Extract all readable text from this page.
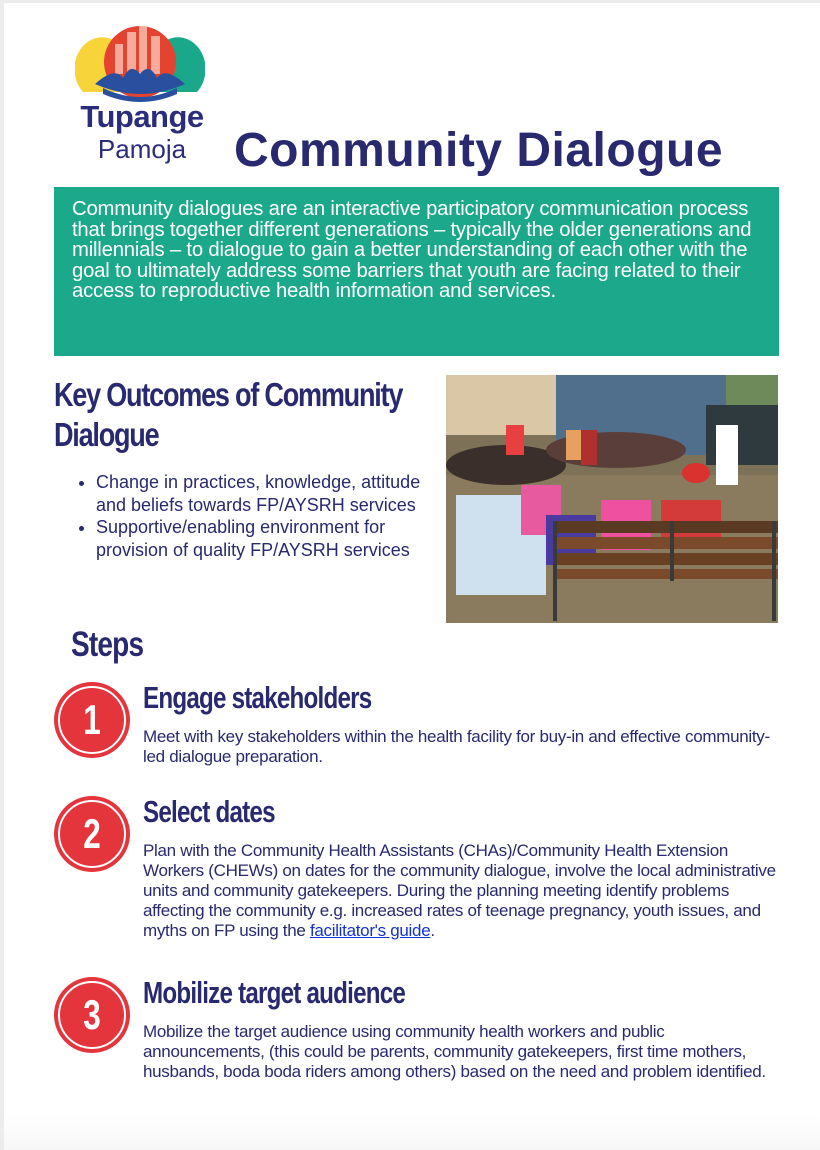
Tupange
Pamoja Community Dialogue

Community dialogues are an interactive participatory communication process that brings together different generations – typically the older generations and millennials – to dialogue to gain a better understanding of each other with the goal to ultimately address some barriers that youth are facing related to their access to reproductive health information and services.

Key Outcomes of Community Dialogue
• Change in practices, knowledge, attitude and beliefs towards FP/AYSRH services
• Supportive/enabling environment for provision of quality FP/AYSRH services
Steps
1	Engage stakeholders

Meet with key stakeholders within the health facility for buy-in and effective community-led dialogue preparation.

2	Select dates

Plan with the Community Health Assistants (CHAs)/Community Health Extension Workers (CHEWs) on dates for the community dialogue, involve the local administrative units and community gatekeepers. During the planning meeting identify problems affecting the community e.g. increased rates of teenage pregnancy, youth issues, and myths on FP using the facilitator's guide.

3	Mobilize target audience

Mobilize the target audience using community health workers and public announcements, (this could be parents, community gatekeepers, first time mothers, husbands, boda boda riders among others) based on the need and problem identified.
